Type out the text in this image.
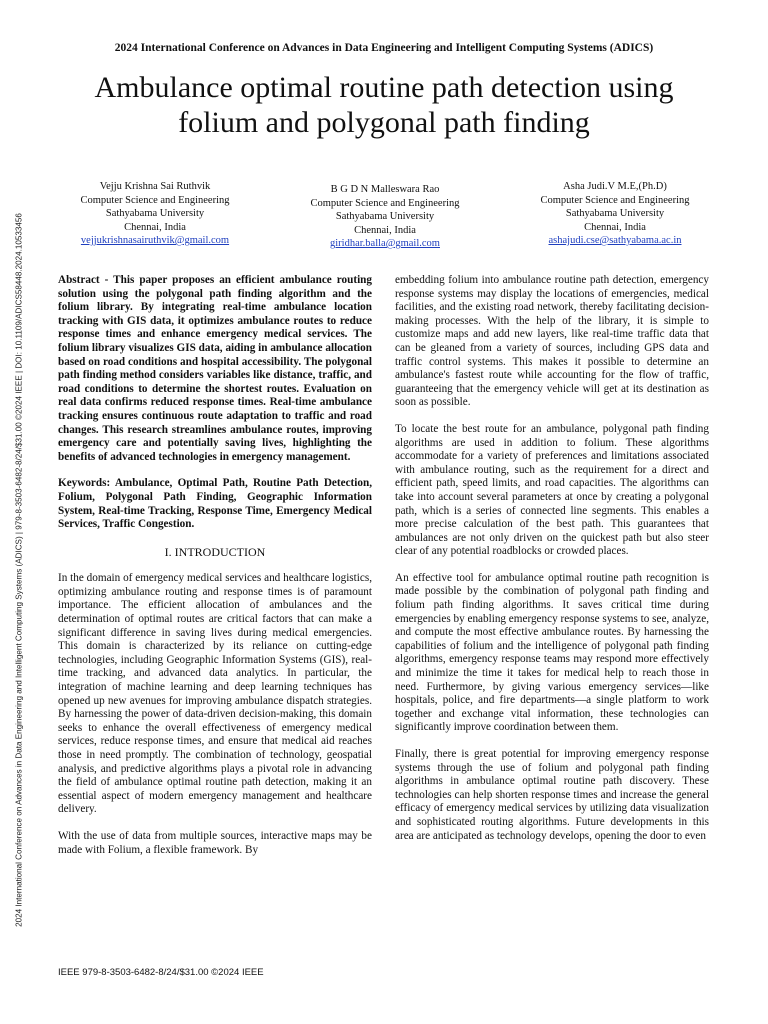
2024 International Conference on Advances in Data Engineering and Intelligent Computing Systems (ADICS) | 979-8-3503-6482-8/24/$31.00 ©2024 IEEE | DOI: 10.1109/ADICS58448.2024.10533456
2024 International Conference on Advances in Data Engineering and Intelligent Computing Systems (ADICS)
Ambulance optimal routine path detection using
folium and polygonal path finding
Vejju Krishna Sai Ruthvik
Computer Science and Engineering
Sathyabama University
Chennai, India
vejjukrishnasairuthvik@gmail.com
B G D N Malleswara Rao
Computer Science and Engineering
Sathyabama University
Chennai, India
giridhar.balla@gmail.com
Asha Judi.V M.E,(Ph.D)
Computer Science and Engineering
Sathyabama University
Chennai, India
ashajudi.cse@sathyabama.ac.in

Abstract - This paper proposes an efficient ambulance routing solution using the polygonal path finding algorithm and the folium library. By integrating real-time ambulance location tracking with GIS data, it optimizes ambulance routes to reduce response times and enhance emergency medical services. The folium library visualizes GIS data, aiding in ambulance allocation based on road conditions and hospital accessibility. The polygonal path finding method considers variables like distance, traffic, and road conditions to determine the shortest routes. Evaluation on real data confirms reduced response times. Real-time ambulance tracking ensures continuous route adaptation to traffic and road changes. This research streamlines ambulance routes, improving emergency care and potentially saving lives, highlighting the benefits of advanced technologies in emergency management.

Keywords: Ambulance, Optimal Path, Routine Path Detection, Folium, Polygonal Path Finding, Geographic Information System, Real-time Tracking, Response Time, Emergency Medical Services, Traffic Congestion.

I. INTRODUCTION

In the domain of emergency medical services and healthcare logistics, optimizing ambulance routing and response times is of paramount importance. The efficient allocation of ambulances and the determination of optimal routes are critical factors that can make a significant difference in saving lives during medical emergencies. This domain is characterized by its reliance on cutting-edge technologies, including Geographic Information Systems (GIS), real-time tracking, and advanced data analytics. In particular, the integration of machine learning and deep learning techniques has opened up new avenues for improving ambulance dispatch strategies. By harnessing the power of data-driven decision-making, this domain seeks to enhance the overall effectiveness of emergency medical services, reduce response times, and ensure that medical aid reaches those in need promptly. The combination of technology, geospatial analysis, and predictive algorithms plays a pivotal role in advancing the field of ambulance optimal routine path detection, making it an essential aspect of modern emergency management and healthcare delivery.

With the use of data from multiple sources, interactive maps may be made with Folium, a flexible framework. By

embedding folium into ambulance routine path detection, emergency response systems may display the locations of emergencies, medical facilities, and the existing road network, thereby facilitating decision-making processes. With the help of the library, it is simple to customize maps and add new layers, like real-time traffic data that can be gleaned from a variety of sources, including GPS data and traffic control systems. This makes it possible to determine an ambulance's fastest route while accounting for the flow of traffic, guaranteeing that the emergency vehicle will get at its destination as soon as possible.

To locate the best route for an ambulance, polygonal path finding algorithms are used in addition to folium. These algorithms accommodate for a variety of preferences and limitations associated with ambulance routing, such as the requirement for a direct and efficient path, speed limits, and road capacities. The algorithms can take into account several parameters at once by creating a polygonal path, which is a series of connected line segments. This enables a more precise calculation of the best path. This guarantees that ambulances are not only driven on the quickest path but also steer clear of any potential roadblocks or crowded places.

An effective tool for ambulance optimal routine path recognition is made possible by the combination of polygonal path finding and folium path finding algorithms. It saves critical time during emergencies by enabling emergency response systems to see, analyze, and compute the most effective ambulance routes. By harnessing the capabilities of folium and the intelligence of polygonal path finding algorithms, emergency response teams may respond more effectively and minimize the time it takes for medical help to reach those in need. Furthermore, by giving various emergency services—like hospitals, police, and fire departments—a single platform to work together and exchange vital information, these technologies can significantly improve coordination between them.

Finally, there is great potential for improving emergency response systems through the use of folium and polygonal path finding algorithms in ambulance optimal routine path discovery. These technologies can help shorten response times and increase the general efficacy of emergency medical services by utilizing data visualization and sophisticated routing algorithms. Future developments in this area are anticipated as technology develops, opening the door to even

IEEE 979-8-3503-6482-8/24/$31.00 ©2024 IEEE
